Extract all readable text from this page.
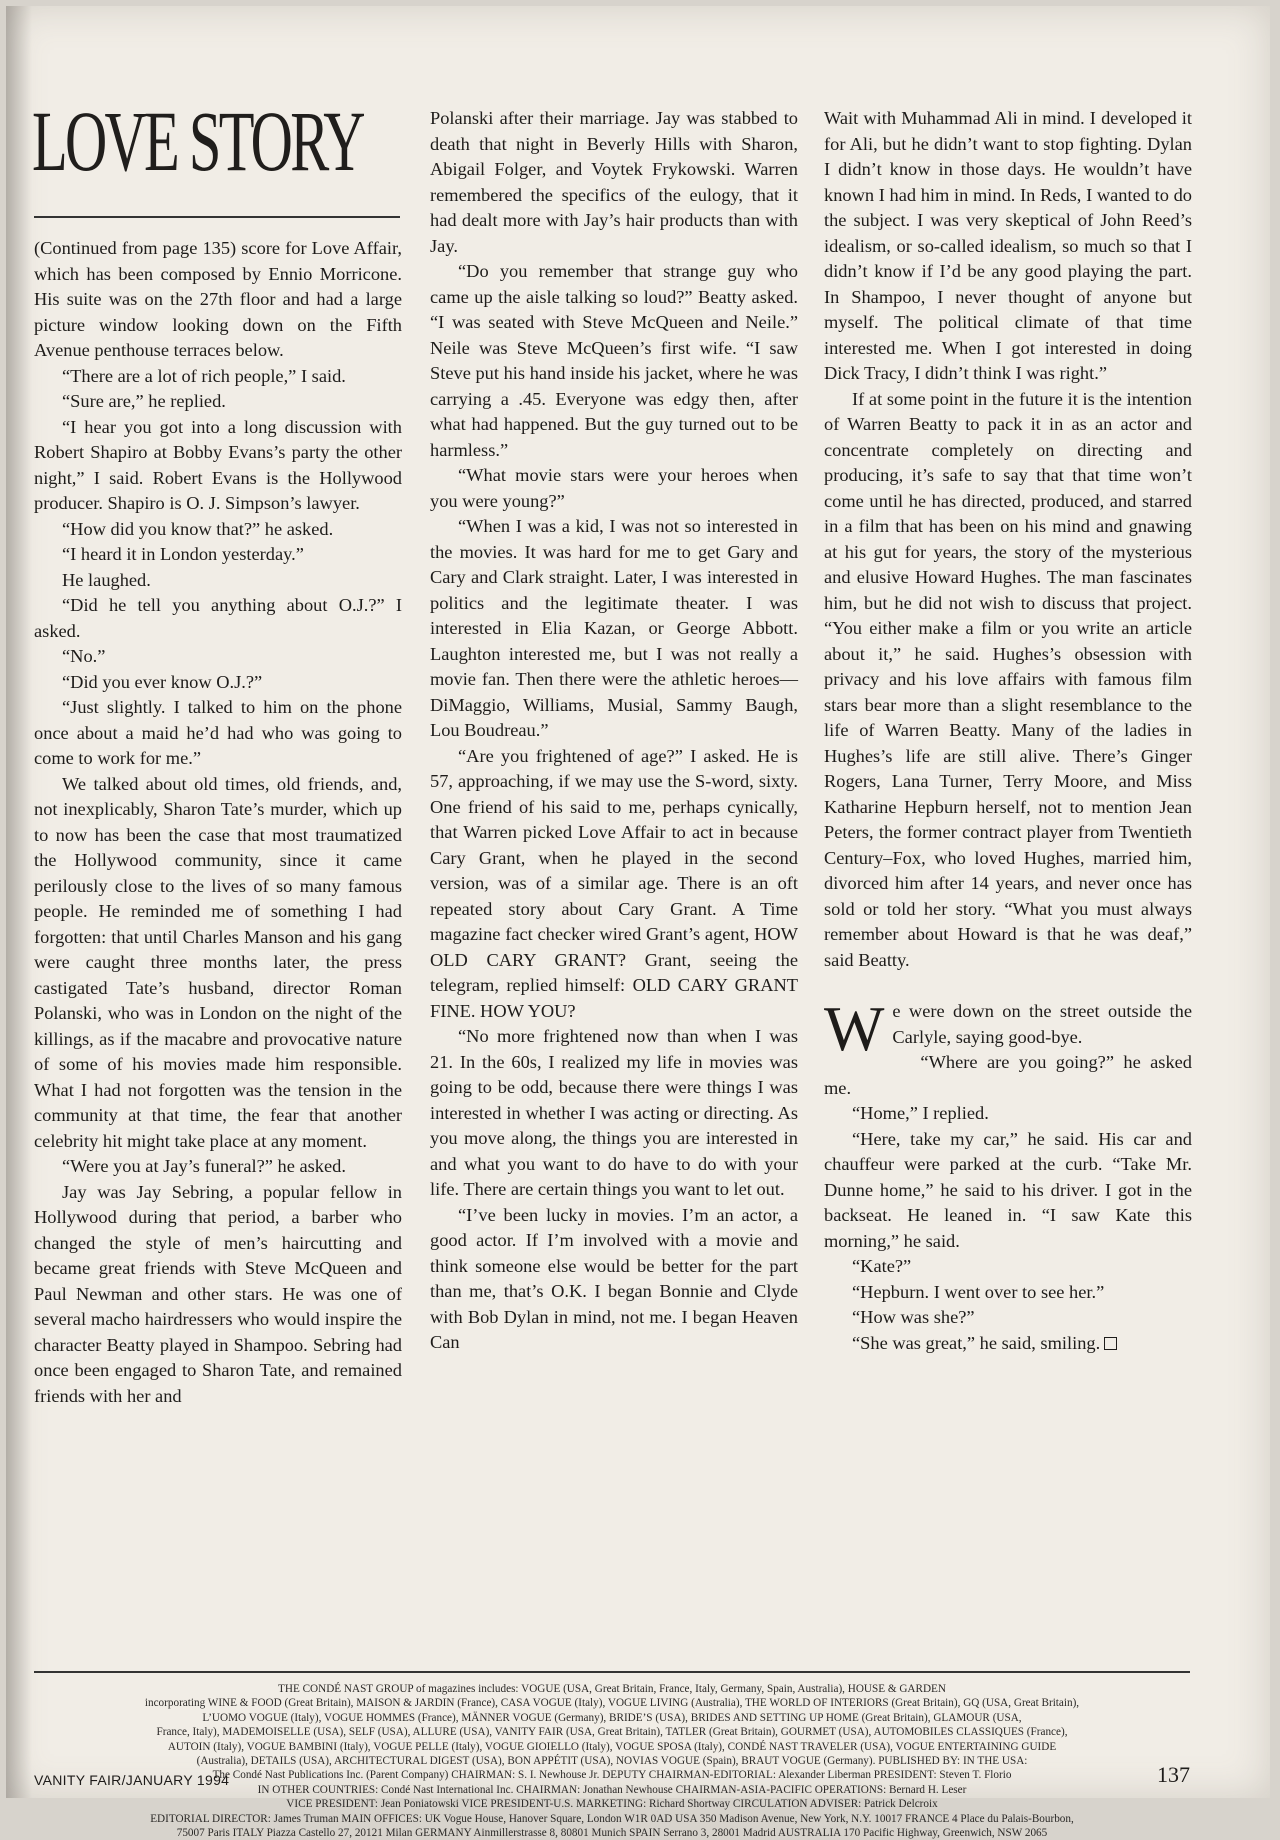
LOVE STORY

(Continued from page 135) score for Love Affair, which has been composed by Ennio Morricone. His suite was on the 27th floor and had a large picture window looking down on the Fifth Avenue penthouse terraces below.

“There are a lot of rich people,” I said.

“Sure are,” he replied.

“I hear you got into a long discussion with Robert Shapiro at Bobby Evans’s party the other night,” I said. Robert Evans is the Hollywood producer. Shapiro is O. J. Simpson’s lawyer.

“How did you know that?” he asked.

“I heard it in London yesterday.”

He laughed.

“Did he tell you anything about O.J.?” I asked.

“No.”

“Did you ever know O.J.?”

“Just slightly. I talked to him on the phone once about a maid he’d had who was going to come to work for me.”

We talked about old times, old friends, and, not inexplicably, Sharon Tate’s murder, which up to now has been the case that most traumatized the Hollywood community, since it came perilously close to the lives of so many famous people. He reminded me of something I had forgotten: that until Charles Manson and his gang were caught three months later, the press castigated Tate’s husband, director Roman Polanski, who was in London on the night of the killings, as if the macabre and provocative nature of some of his movies made him responsible. What I had not forgotten was the tension in the community at that time, the fear that another celebrity hit might take place at any moment.

“Were you at Jay’s funeral?” he asked.

Jay was Jay Sebring, a popular fellow in Hollywood during that period, a barber who changed the style of men’s haircutting and became great friends with Steve McQueen and Paul Newman and other stars. He was one of several macho hairdressers who would inspire the character Beatty played in Shampoo. Sebring had once been engaged to Sharon Tate, and remained friends with her and

Polanski after their marriage. Jay was stabbed to death that night in Beverly Hills with Sharon, Abigail Folger, and Voytek Frykowski. Warren remembered the specifics of the eulogy, that it had dealt more with Jay’s hair products than with Jay.

“Do you remember that strange guy who came up the aisle talking so loud?” Beatty asked. “I was seated with Steve McQueen and Neile.” Neile was Steve McQueen’s first wife. “I saw Steve put his hand inside his jacket, where he was carrying a .45. Everyone was edgy then, after what had happened. But the guy turned out to be harmless.”

“What movie stars were your heroes when you were young?”

“When I was a kid, I was not so interested in the movies. It was hard for me to get Gary and Cary and Clark straight. Later, I was interested in politics and the legitimate theater. I was interested in Elia Kazan, or George Abbott. Laughton interested me, but I was not really a movie fan. Then there were the athletic heroes—DiMaggio, Williams, Musial, Sammy Baugh, Lou Boudreau.”

“Are you frightened of age?” I asked. He is 57, approaching, if we may use the S-word, sixty. One friend of his said to me, perhaps cynically, that Warren picked Love Affair to act in because Cary Grant, when he played in the second version, was of a similar age. There is an oft repeated story about Cary Grant. A Time magazine fact checker wired Grant’s agent, HOW OLD CARY GRANT? Grant, seeing the telegram, replied himself: OLD CARY GRANT FINE. HOW YOU?

“No more frightened now than when I was 21. In the 60s, I realized my life in movies was going to be odd, because there were things I was interested in whether I was acting or directing. As you move along, the things you are interested in and what you want to do have to do with your life. There are certain things you want to let out.

“I’ve been lucky in movies. I’m an actor, a good actor. If I’m involved with a movie and think someone else would be better for the part than me, that’s O.K. I began Bonnie and Clyde with Bob Dylan in mind, not me. I began Heaven Can

Wait with Muhammad Ali in mind. I developed it for Ali, but he didn’t want to stop fighting. Dylan I didn’t know in those days. He wouldn’t have known I had him in mind. In Reds, I wanted to do the subject. I was very skeptical of John Reed’s idealism, or so-called idealism, so much so that I didn’t know if I’d be any good playing the part. In Shampoo, I never thought of anyone but myself. The political climate of that time interested me. When I got interested in doing Dick Tracy, I didn’t think I was right.”

If at some point in the future it is the intention of Warren Beatty to pack it in as an actor and concentrate completely on directing and producing, it’s safe to say that that time won’t come until he has directed, produced, and starred in a film that has been on his mind and gnawing at his gut for years, the story of the mysterious and elusive Howard Hughes. The man fascinates him, but he did not wish to discuss that project. “You either make a film or you write an article about it,” he said. Hughes’s obsession with privacy and his love affairs with famous film stars bear more than a slight resemblance to the life of Warren Beatty. Many of the ladies in Hughes’s life are still alive. There’s Ginger Rogers, Lana Turner, Terry Moore, and Miss Katharine Hepburn herself, not to mention Jean Peters, the former contract player from Twentieth Century–Fox, who loved Hughes, married him, divorced him after 14 years, and never once has sold or told her story. “What you must always remember about Howard is that he was deaf,” said Beatty.

We were down on the street outside the Carlyle, saying good-bye.

“Where are you going?” he asked me.

“Home,” I replied.

“Here, take my car,” he said. His car and chauffeur were parked at the curb. “Take Mr. Dunne home,” he said to his driver. I got in the backseat. He leaned in. “I saw Kate this morning,” he said.

“Kate?”

“Hepburn. I went over to see her.”

“How was she?”

“She was great,” he said, smiling.

THE CONDÉ NAST GROUP of magazines includes: VOGUE (USA, Great Britain, France, Italy, Germany, Spain, Australia), HOUSE & GARDEN
incorporating WINE & FOOD (Great Britain), MAISON & JARDIN (France), CASA VOGUE (Italy), VOGUE LIVING (Australia), THE WORLD OF INTERIORS (Great Britain), GQ (USA, Great Britain),
L’UOMO VOGUE (Italy), VOGUE HOMMES (France), MÄNNER VOGUE (Germany), BRIDE’S (USA), BRIDES AND SETTING UP HOME (Great Britain), GLAMOUR (USA,
France, Italy), MADEMOISELLE (USA), SELF (USA), ALLURE (USA), VANITY FAIR (USA, Great Britain), TATLER (Great Britain), GOURMET (USA), AUTOMOBILES CLASSIQUES (France),
AUTOIN (Italy), VOGUE BAMBINI (Italy), VOGUE PELLE (Italy), VOGUE GIOIELLO (Italy), VOGUE SPOSA (Italy), CONDÉ NAST TRAVELER (USA), VOGUE ENTERTAINING GUIDE
(Australia), DETAILS (USA), ARCHITECTURAL DIGEST (USA), BON APPÉTIT (USA), NOVIAS VOGUE (Spain), BRAUT VOGUE (Germany). PUBLISHED BY: IN THE USA:
The Condé Nast Publications Inc. (Parent Company) CHAIRMAN: S. I. Newhouse Jr. DEPUTY CHAIRMAN-EDITORIAL: Alexander Liberman PRESIDENT: Steven T. Florio
IN OTHER COUNTRIES: Condé Nast International Inc. CHAIRMAN: Jonathan Newhouse CHAIRMAN-ASIA-PACIFIC OPERATIONS: Bernard H. Leser
VICE PRESIDENT: Jean Poniatowski VICE PRESIDENT-U.S. MARKETING: Richard Shortway CIRCULATION ADVISER: Patrick Delcroix
EDITORIAL DIRECTOR: James Truman MAIN OFFICES: UK Vogue House, Hanover Square, London W1R 0AD USA 350 Madison Avenue, New York, N.Y. 10017 FRANCE 4 Place du Palais-Bourbon,
75007 Paris ITALY Piazza Castello 27, 20121 Milan GERMANY Ainmillerstrasse 8, 80801 Munich SPAIN Serrano 3, 28001 Madrid AUSTRALIA 170 Pacific Highway, Greenwich, NSW 2065
VANITY FAIR/JANUARY 1994	137
